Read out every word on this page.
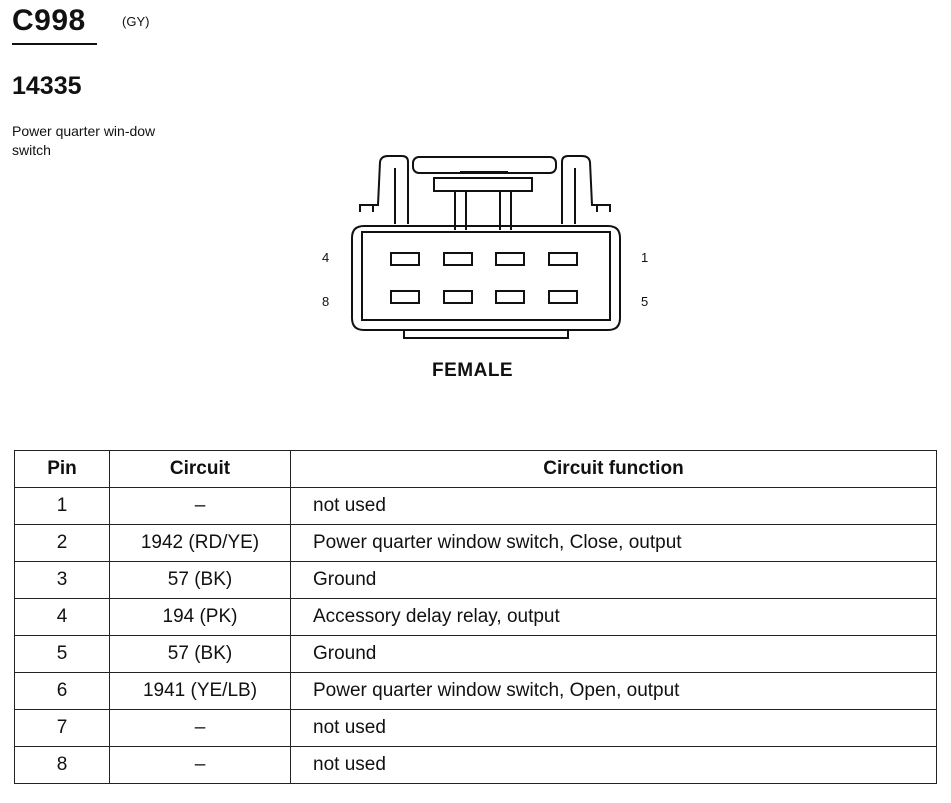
C998	(GY)
14335
Power quarter win-dow switch
4
8
1
5
FEMALE
Pin	Circuit	Circuit function
1	–	not used
2	1942 (RD/YE)	Power quarter window switch, Close, output
3	57 (BK)	Ground
4	194 (PK)	Accessory delay relay, output
5	57 (BK)	Ground
6	1941 (YE/LB)	Power quarter window switch, Open, output
7	–	not used
8	–	not used
